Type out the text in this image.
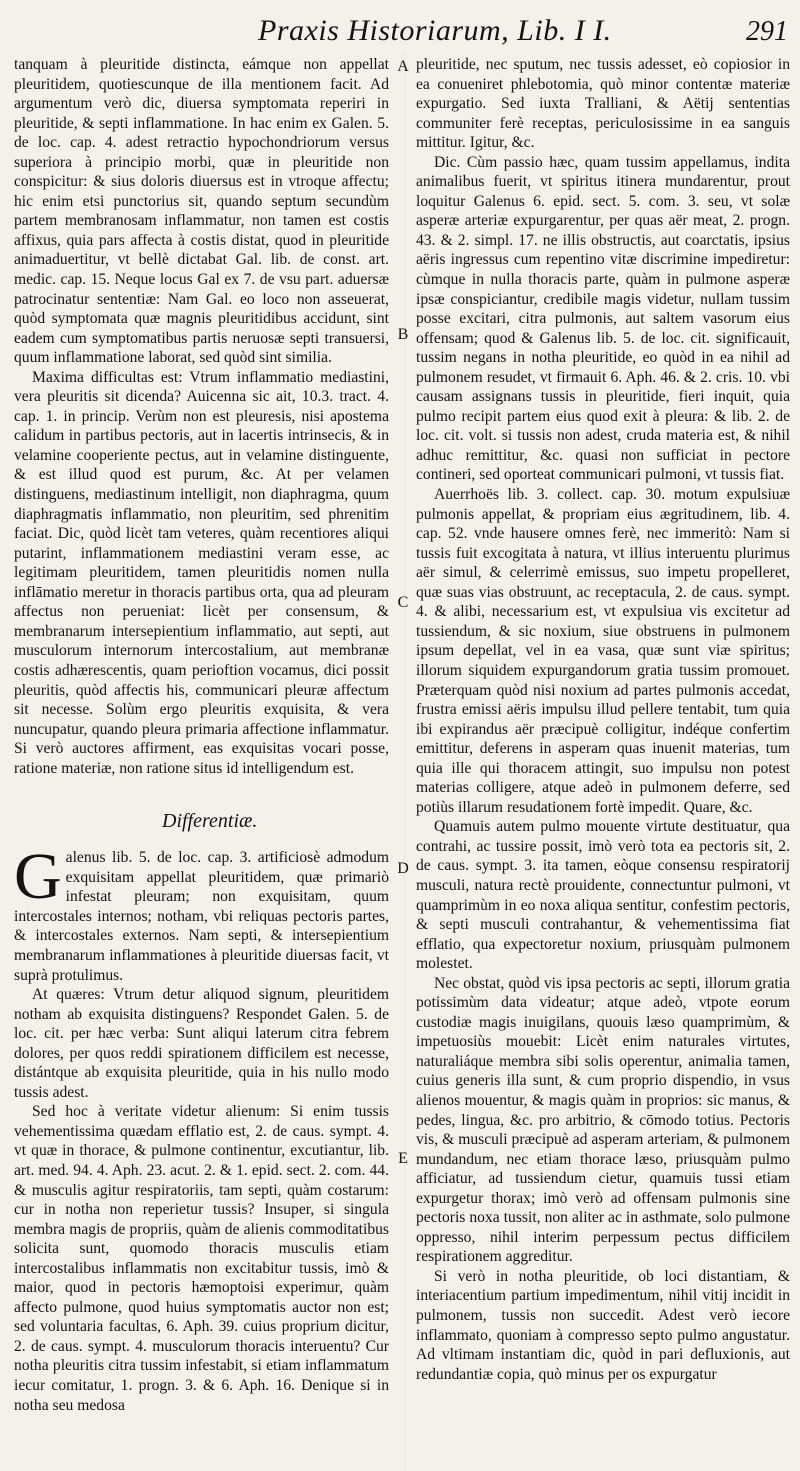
Praxis Historiarum, Lib. I I.	291

tanquam à pleuritide distincta, eámque non appellat pleuritidem, quotiescunque de illa mentionem facit. Ad argumentum verò dic, diuersa symptomata reperiri in pleuritide, & septi inflammatione. In hac enim ex Galen. 5. de loc. cap. 4. adest retractio hypochondriorum versus superiora à principio morbi, quæ in pleuritide non conspicitur: & sius doloris diuersus est in vtroque affectu; hic enim etsi punctorius sit, quando septum secundùm partem membranosam inflammatur, non tamen est costis affixus, quia pars affecta à costis distat, quod in pleuritide animaduertitur, vt bellè dictabat Gal. lib. de const. art. medic. cap. 15. Neque locus Gal ex 7. de vsu part. aduersæ patrocinatur sententiæ: Nam Gal. eo loco non asseuerat, quòd symptomata quæ magnis pleuritidibus accidunt, sint eadem cum symptomatibus partis neruosæ septi transuersi, quum inflammatione laborat, sed quòd sint similia.

Maxima difficultas est: Vtrum inflammatio mediastini, vera pleuritis sit dicenda? Auicenna sic ait, 10.3. tract. 4. cap. 1. in princip. Verùm non est pleuresis, nisi apostema calidum in partibus pectoris, aut in lacertis intrinsecis, & in velamine cooperiente pectus, aut in velamine distinguente, & est illud quod est purum, &c. At per velamen distinguens, mediastinum intelligit, non diaphragma, quum diaphragmatis inflammatio, non pleuritim, sed phrenitim faciat. Dic, quòd licèt tam veteres, quàm recentiores aliqui putarint, inflammationem mediastini veram esse, ac legitimam pleuritidem, tamen pleuritidis nomen nulla inflāmatio meretur in thoracis partibus orta, qua ad pleuram affectus non perueniat: licèt per consensum, & membranarum intersepientium inflammatio, aut septi, aut musculorum internorum intercostalium, aut membranæ costis adhærescentis, quam perioftion vocamus, dici possit pleuritis, quòd affectis his, communicari pleuræ affectum sit necesse. Solùm ergo pleuritis exquisita, & vera nuncupatur, quando pleura primaria affectione inflammatur. Si verò auctores affirment, eas exquisitas vocari posse, ratione materiæ, non ratione situs id intelligendum est.

Differentiæ.

Galenus lib. 5. de loc. cap. 3. artificiosè admodum exquisitam appellat pleuritidem, quæ primariò infestat pleuram; non exquisitam, quum intercostales internos; notham, vbi reliquas pectoris partes, & intercostales externos. Nam septi, & intersepientium membranarum inflammationes à pleuritide diuersas facit, vt suprà protulimus.

At quæres: Vtrum detur aliquod signum, pleuritidem notham ab exquisita distinguens? Respondet Galen. 5. de loc. cit. per hæc verba: Sunt aliqui laterum citra febrem dolores, per quos reddi spirationem difficilem est necesse, distántque ab exquisita pleuritide, quia in his nullo modo tussis adest.

Sed hoc à veritate videtur alienum: Si enim tussis vehementissima quædam efflatio est, 2. de caus. sympt. 4. vt quæ in thorace, & pulmone continentur, excutiantur, lib. art. med. 94. 4. Aph. 23. acut. 2. & 1. epid. sect. 2. com. 44. & musculis agitur respiratoriis, tam septi, quàm costarum: cur in notha non reperietur tussis? Insuper, si singula membra magis de propriis, quàm de alienis commoditatibus solicita sunt, quomodo thoracis musculis etiam intercostalibus inflammatis non excitabitur tussis, imò & maior, quod in pectoris hæmoptoisi experimur, quàm affecto pulmone, quod huius symptomatis auctor non est; sed voluntaria facultas, 6. Aph. 39. cuius proprium dicitur, 2. de caus. sympt. 4. musculorum thoracis interuentu? Cur notha pleuritis citra tussim infestabit, si etiam inflammatum iecur comitatur, 1. progn. 3. & 6. Aph. 16. Denique si in notha seu medosa

A
B
C
D
E

pleuritide, nec sputum, nec tussis adesset, eò copiosior in ea conueniret phlebotomia, quò minor contentæ materiæ expurgatio. Sed iuxta Tralliani, & Aëtij sententias communiter ferè receptas, periculosissime in ea sanguis mittitur. Igitur, &c.

Dic. Cùm passio hæc, quam tussim appellamus, indita animalibus fuerit, vt spiritus itinera mundarentur, prout loquitur Galenus 6. epid. sect. 5. com. 3. seu, vt solæ asperæ arteriæ expurgarentur, per quas aër meat, 2. progn. 43. & 2. simpl. 17. ne illis obstructis, aut coarctatis, ipsius aëris ingressus cum repentino vitæ discrimine impediretur: cùmque in nulla thoracis parte, quàm in pulmone asperæ ipsæ conspiciantur, credibile magis videtur, nullam tussim posse excitari, citra pulmonis, aut saltem vasorum eius offensam; quod & Galenus lib. 5. de loc. cit. significauit, tussim negans in notha pleuritide, eo quòd in ea nihil ad pulmonem resudet, vt firmauit 6. Aph. 46. & 2. cris. 10. vbi causam assignans tussis in pleuritide, fieri inquit, quia pulmo recipit partem eius quod exit à pleura: & lib. 2. de loc. cit. volt. si tussis non adest, cruda materia est, & nihil adhuc remittitur, &c. quasi non sufficiat in pectore contineri, sed oporteat communicari pulmoni, vt tussis fiat.

Auerrhoës lib. 3. collect. cap. 30. motum expulsiuæ pulmonis appellat, & propriam eius ægritudinem, lib. 4. cap. 52. vnde hausere omnes ferè, nec immeritò: Nam si tussis fuit excogitata à natura, vt illius interuentu plurimus aër simul, & celerrimè emissus, suo impetu propelleret, quæ suas vias obstruunt, ac receptacula, 2. de caus. sympt. 4. & alibi, necessarium est, vt expulsiua vis excitetur ad tussiendum, & sic noxium, siue obstruens in pulmonem ipsum depellat, vel in ea vasa, quæ sunt viæ spiritus; illorum siquidem expurgandorum gratia tussim promouet. Præterquam quòd nisi noxium ad partes pulmonis accedat, frustra emissi aëris impulsu illud pellere tentabit, tum quia ibi expirandus aër præcipuè colligitur, indéque confertim emittitur, deferens in asperam quas inuenit materias, tum quia ille qui thoracem attingit, suo impulsu non potest materias colligere, atque adeò in pulmonem deferre, sed potiùs illarum resudationem fortè impedit. Quare, &c.

Quamuis autem pulmo mouente virtute destituatur, qua contrahi, ac tussire possit, imò verò tota ea pectoris sit, 2. de caus. sympt. 3. ita tamen, eòque consensu respiratorij musculi, natura rectè prouidente, connectuntur pulmoni, vt quamprimùm in eo noxa aliqua sentitur, confestim pectoris, & septi musculi contrahantur, & vehementissima fiat efflatio, qua expectoretur noxium, priusquàm pulmonem molestet.

Nec obstat, quòd vis ipsa pectoris ac septi, illorum gratia potissimùm data videatur; atque adeò, vtpote eorum custodiæ magis inuigilans, quouis læso quamprimùm, & impetuosiùs mouebit: Licèt enim naturales virtutes, naturaliáque membra sibi solis operentur, animalia tamen, cuius generis illa sunt, & cum proprio dispendio, in vsus alienos mouentur, & magis quàm in proprios: sic manus, & pedes, lingua, &c. pro arbitrio, & cōmodo totius. Pectoris vis, & musculi præcipuè ad asperam arteriam, & pulmonem mundandum, nec etiam thorace læso, priusquàm pulmo afficiatur, ad tussiendum cietur, quamuis tussi etiam expurgetur thorax; imò verò ad offensam pulmonis sine pectoris noxa tussit, non aliter ac in asthmate, solo pulmone oppresso, nihil interim perpessum pectus difficilem respirationem aggreditur.

Si verò in notha pleuritide, ob loci distantiam, & interiacentium partium impedimentum, nihil vitij incidit in pulmonem, tussis non succedit. Adest verò iecore inflammato, quoniam à compresso septo pulmo angustatur. Ad vltimam instantiam dic, quòd in pari defluxionis, aut redundantiæ copia, quò minus per os expurgatur
